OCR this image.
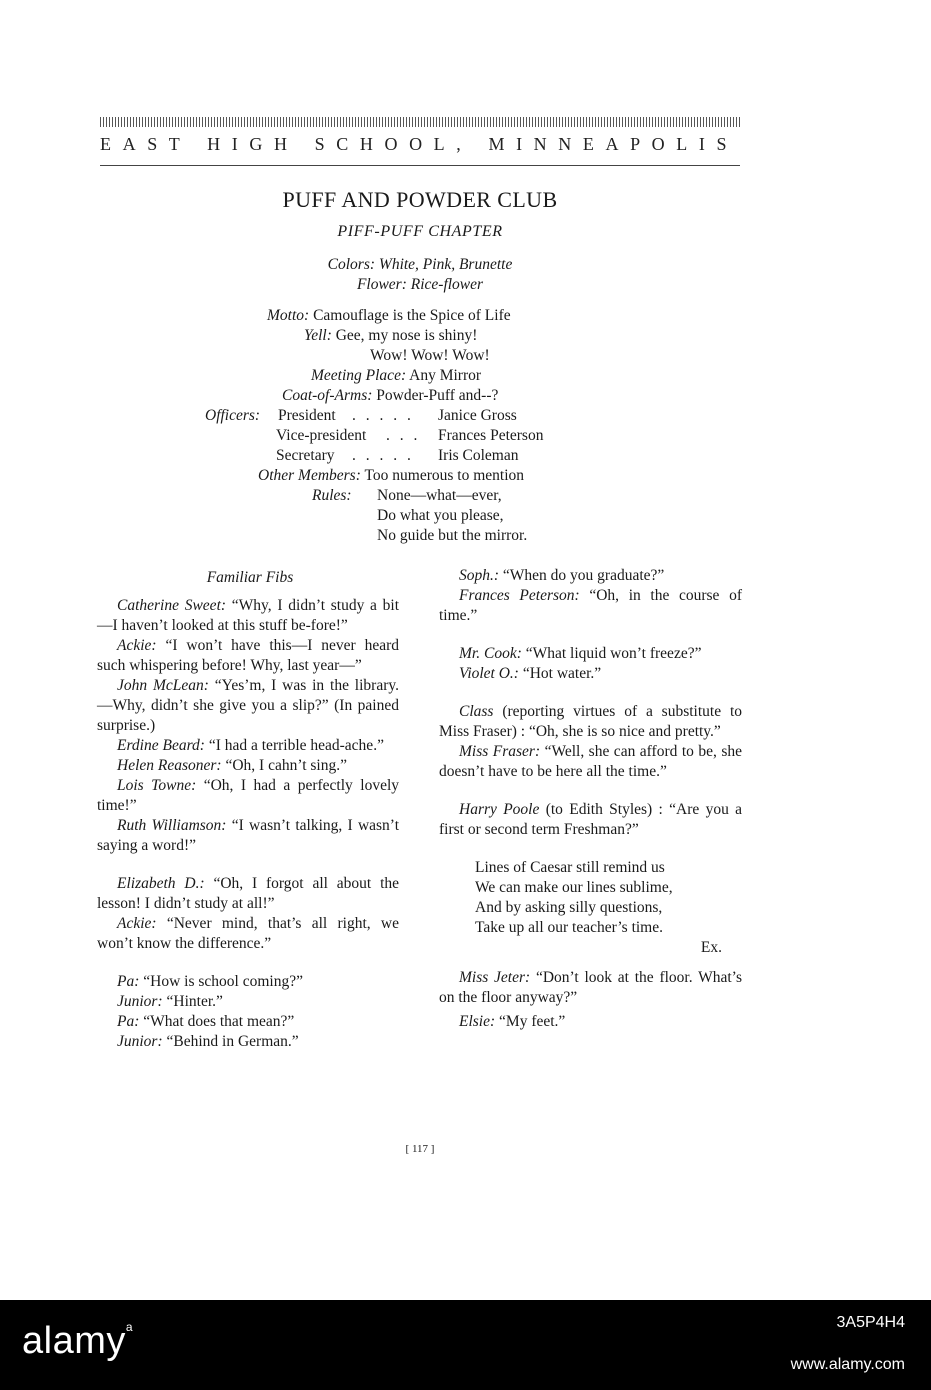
EAST HIGH SCHOOL, MINNEAPOLIS
PUFF AND POWDER CLUB
PIFF-PUFF CHAPTER
Colors: White, Pink, Brunette
Flower: Rice-flower
Motto: Camouflage is the Spice of Life
Yell: Gee, my nose is shiny!
Wow! Wow! Wow!
Meeting Place: Any Mirror
Coat-of-Arms: Powder-Puff and--?
Officers: President . . . . . Janice Gross
Vice-president . . . Frances Peterson
Secretary . . . . . Iris Coleman
Other Members: Too numerous to mention
Rules: None—what—ever,
Do what you please,
No guide but the mirror.

Familiar Fibs

Catherine Sweet: “Why, I didn’t study a bit—I haven’t looked at this stuff be-fore!”

Ackie: “I won’t have this—I never heard such whispering before! Why, last year—”

John McLean: “Yes’m, I was in the library.—Why, didn’t she give you a slip?” (In pained surprise.)

Erdine Beard: “I had a terrible head-ache.”

Helen Reasoner: “Oh, I cahn’t sing.”

Lois Towne: “Oh, I had a perfectly lovely time!”

Ruth Williamson: “I wasn’t talking, I wasn’t saying a word!”

Elizabeth D.: “Oh, I forgot all about the lesson! I didn’t study at all!”

Ackie: “Never mind, that’s all right, we won’t know the difference.”

Pa: “How is school coming?”

Junior: “Hinter.”

Pa: “What does that mean?”

Junior: “Behind in German.”

Soph.: “When do you graduate?”

Frances Peterson: “Oh, in the course of time.”

Mr. Cook: “What liquid won’t freeze?”

Violet O.: “Hot water.”

Class (reporting virtues of a substitute to Miss Fraser) : “Oh, she is so nice and pretty.”

Miss Fraser: “Well, she can afford to be, she doesn’t have to be here all the time.”

Harry Poole (to Edith Styles) : “Are you a first or second term Freshman?”

Lines of Caesar still remind us
We can make our lines sublime,
And by asking silly questions,
Take up all our teacher’s time.
Ex.

Miss Jeter: “Don’t look at the floor. What’s on the floor anyway?”

Elsie: “My feet.”

[ 117 ]
alamy$^a$	3A5P4H4
www.alamy.com
